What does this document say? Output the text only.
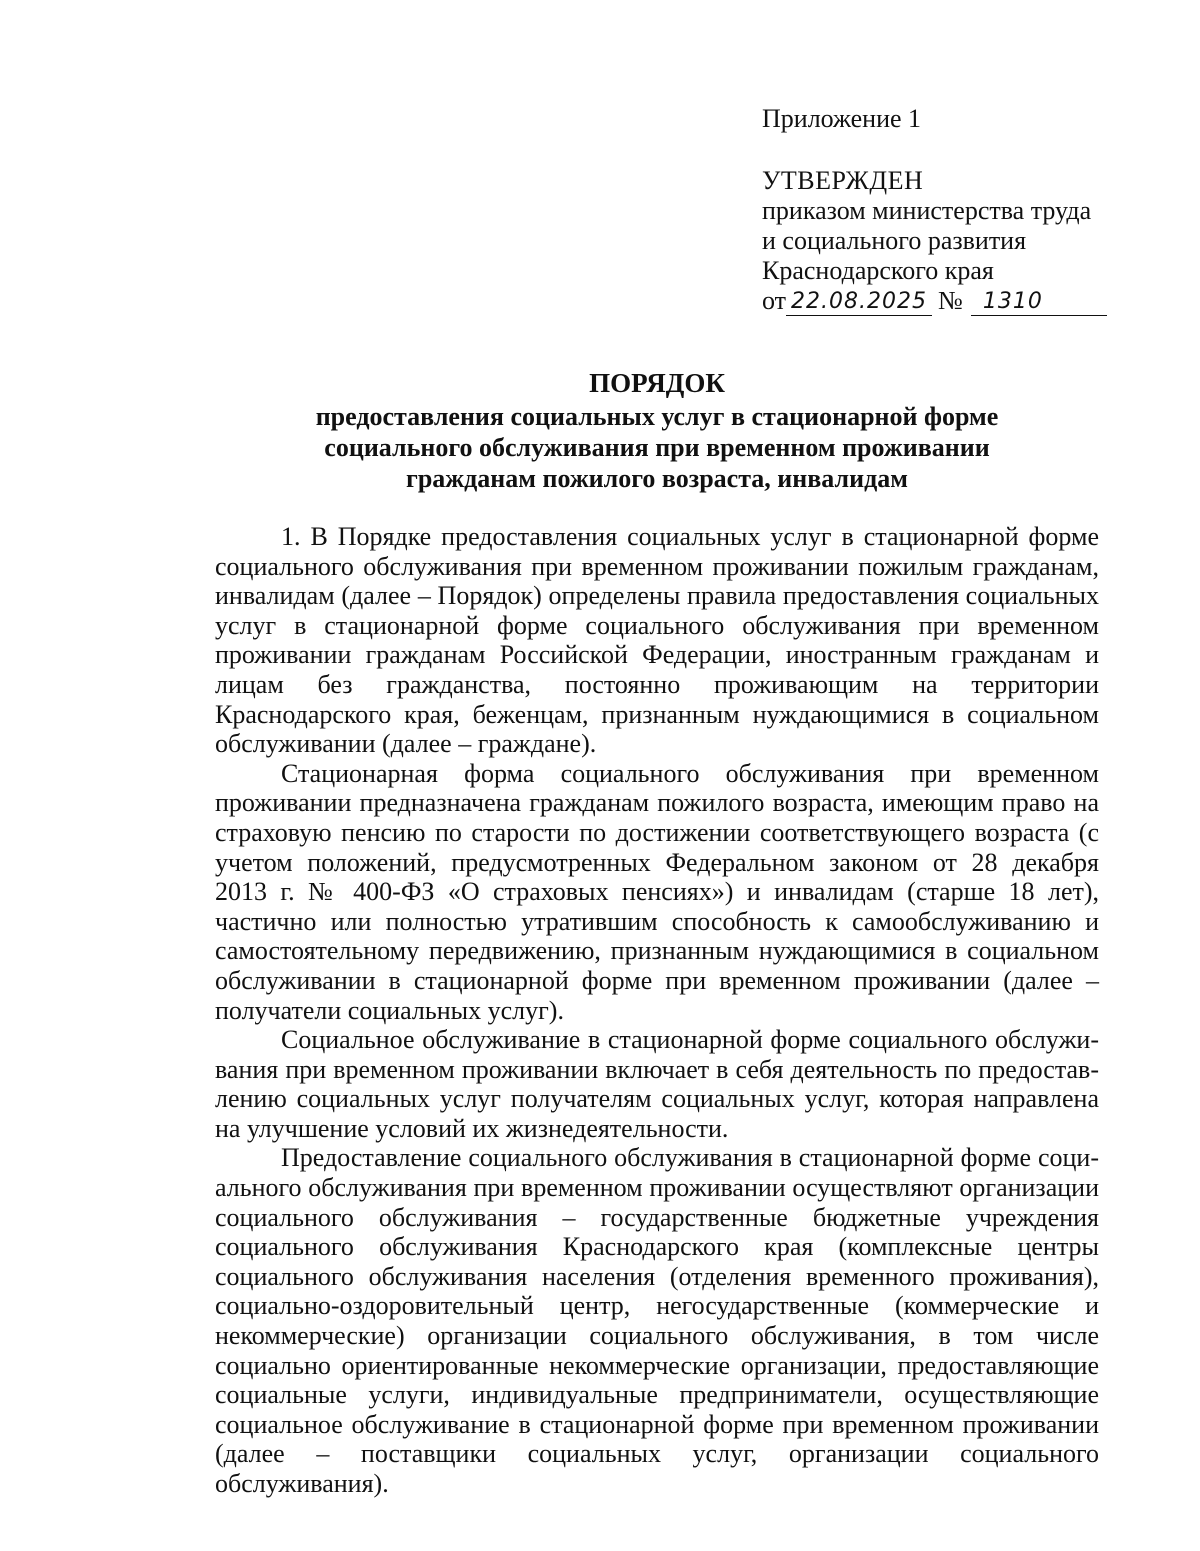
Приложение 1
УТВЕРЖДЕН
приказом министерства труда
и социального развития
Краснодарского края
от 22.08.2025 № 1310
ПОРЯДОК
предоставления социальных услуг в стационарной форме
социального обслуживания при временном проживании
гражданам пожилого возраста, инвалидам

1. В Порядке предоставления социальных услуг в стационарной форме социального обслуживания при временном проживании пожилым гражданам, инвалидам (далее – Порядок) определены правила предоставления социальных услуг в стационарной форме социального обслуживания при временном проживании гражданам Российской Федерации, иностранным гражданам и лицам без гражданства, постоянно проживающим на территории Краснодарского края, беженцам, признанным нуждающимися в социальном обслуживании (далее – граждане).

Стационарная форма социального обслуживания при временном проживании предназначена гражданам пожилого возраста, имеющим право на страховую пенсию по старости по достижении соответствующего возраста (с учетом положений, предусмотренных Федеральном законом от 28 декабря 2013 г. № 400-ФЗ «О страховых пенсиях») и инвалидам (старше 18 лет), частично или полностью утратившим способность к самообслуживанию и самостоятельному передвижению, признанным нуждающимися в социальном обслуживании в стационарной форме при временном проживании (далее – получатели социальных услуг).

Социальное обслуживание в стационарной форме социального обслуживания при временном проживании включает в себя деятельность по предоставлению социальных услуг получателям социальных услуг, которая направлена на улучшение условий их жизнедеятельности.

Предоставление социального обслуживания в стационарной форме социального обслуживания при временном проживании осуществляют организации социального обслуживания – государственные бюджетные учреждения социального обслуживания Краснодарского края (комплексные центры социального обслуживания населения (отделения временного проживания), социально-оздоровительный центр, негосударственные (коммерческие и некоммерческие) организации социального обслуживания, в том числе социально ориентированные некоммерческие организации, предоставляющие социальные услуги, индивидуальные предприниматели, осуществляющие социальное обслуживание в стационарной форме при временном проживании (далее – поставщики социальных услуг, организации социального обслуживания).
